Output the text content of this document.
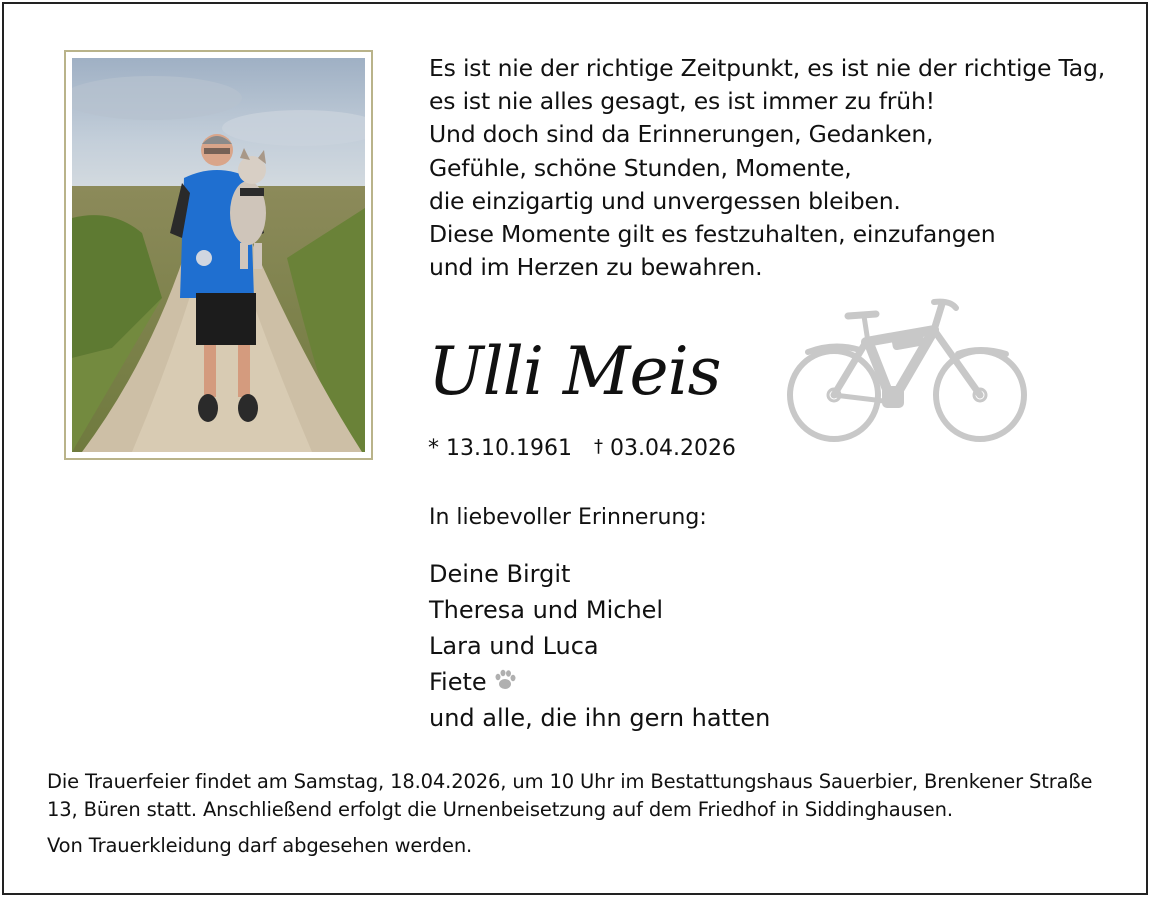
Es ist nie der richtige Zeitpunkt, es ist nie der richtige Tag,
es ist nie alles gesagt, es ist immer zu früh!
Und doch sind da Erinnerungen, Gedanken,
Gefühle, schöne Stunden, Momente,
die einzigartig und unvergessen bleiben.
Diese Momente gilt es festzuhalten, einzufangen
und im Herzen zu bewahren.
Ulli Meis
* 13.10.1961 † 03.04.2026
In liebevoller Erinnerung:
Deine Birgit
Theresa und Michel
Lara und Luca
Fiete
und alle, die ihn gern hatten
Die Trauerfeier findet am Samstag, 18.04.2026, um 10 Uhr im Bestattungshaus Sauerbier, Brenkener Straße 13, Büren statt. Anschließend erfolgt die Urnenbeisetzung auf dem Friedhof in Siddinghausen.
Von Trauerkleidung darf abgesehen werden.
